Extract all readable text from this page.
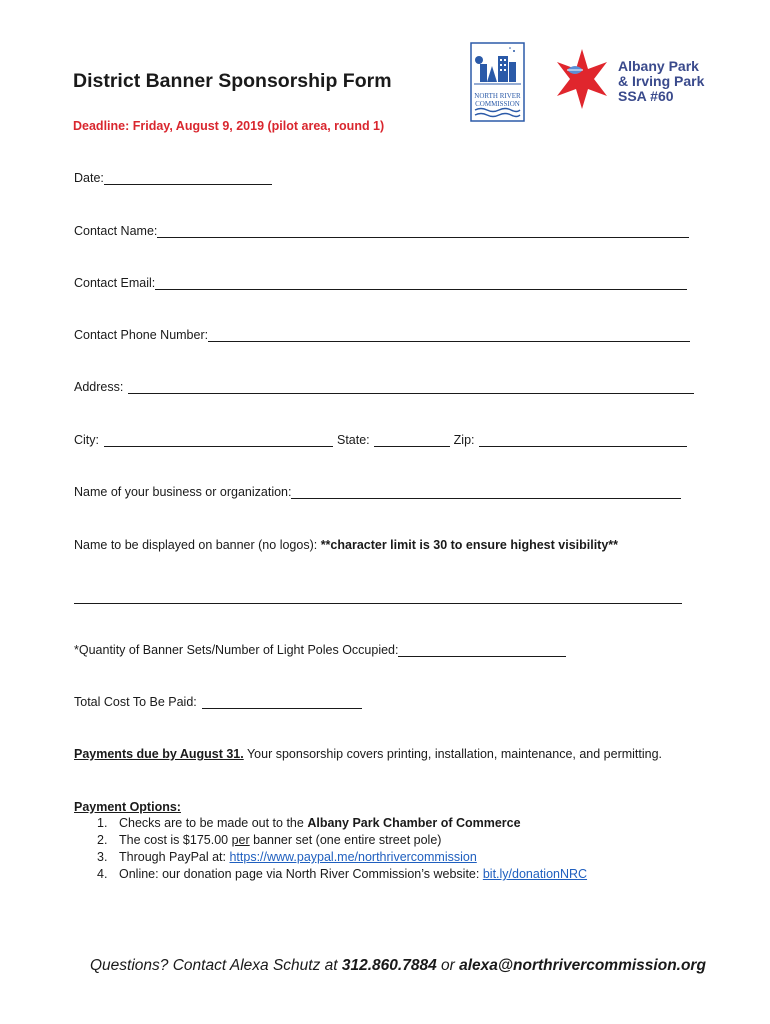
District Banner Sponsorship Form
NORTH RIVER
COMMISSION
Albany Park
& Irving Park
SSA #60
Deadline: Friday, August 9, 2019 (pilot area, round 1)
Date:
Contact Name:
Contact Email:
Contact Phone Number:
Address:
City:	State:	Zip:
Name of your business or organization:
Name to be displayed on banner (no logos): **character limit is 30 to ensure highest visibility**
*Quantity of Banner Sets/Number of Light Poles Occupied:
Total Cost To Be Paid:
Payments due by August 31. Your sponsorship covers printing, installation, maintenance, and permitting.
Payment Options:
1. Checks are to be made out to the Albany Park Chamber of Commerce
2. The cost is $175.00 per banner set (one entire street pole)
3. Through PayPal at: https://www.paypal.me/northrivercommission
4. Online: our donation page via North River Commission’s website: bit.ly/donationNRC
Questions? Contact Alexa Schutz at 312.860.7884 or alexa@northrivercommission.org
